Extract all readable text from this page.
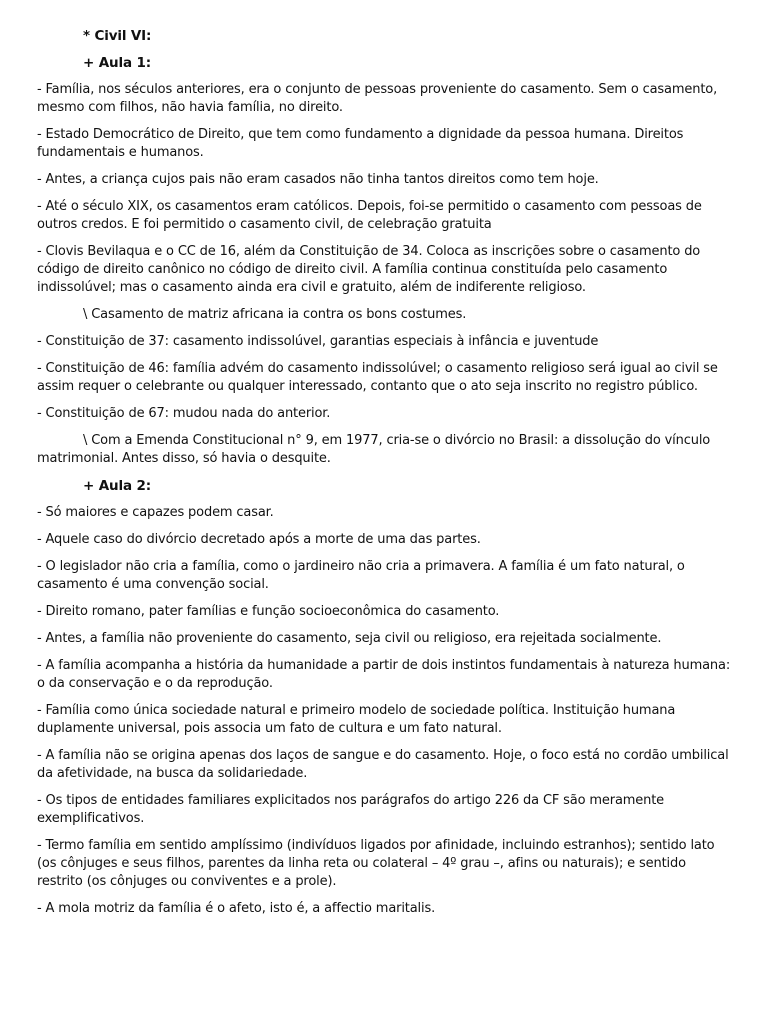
* Civil VI:
+ Aula 1:

- Família, nos séculos anteriores, era o conjunto de pessoas proveniente do casamento. Sem o casamento, mesmo com filhos, não havia família, no direito.

- Estado Democrático de Direito, que tem como fundamento a dignidade da pessoa humana. Direitos fundamentais e humanos.

- Antes, a criança cujos pais não eram casados não tinha tantos direitos como tem hoje.

- Até o século XIX, os casamentos eram católicos. Depois, foi-se permitido o casamento com pessoas de outros credos. E foi permitido o casamento civil, de celebração gratuita

- Clovis Bevilaqua e o CC de 16, além da Constituição de 34. Coloca as inscrições sobre o casamento do código de direito canônico no código de direito civil. A família continua constituída pelo casamento indissolúvel; mas o casamento ainda era civil e gratuito, além de indiferente religioso.

\ Casamento de matriz africana ia contra os bons costumes.

- Constituição de 37: casamento indissolúvel, garantias especiais à infância e juventude

- Constituição de 46: família advém do casamento indissolúvel; o casamento religioso será igual ao civil se assim requer o celebrante ou qualquer interessado, contanto que o ato seja inscrito no registro público.

- Constituição de 67: mudou nada do anterior.

\ Com a Emenda Constitucional n° 9, em 1977, cria-se o divórcio no Brasil: a dissolução do vínculo matrimonial. Antes disso, só havia o desquite.

+ Aula 2:

- Só maiores e capazes podem casar.

- Aquele caso do divórcio decretado após a morte de uma das partes.

- O legislador não cria a família, como o jardineiro não cria a primavera. A família é um fato natural, o casamento é uma convenção social.

- Direito romano, pater famílias e função socioeconômica do casamento.

- Antes, a família não proveniente do casamento, seja civil ou religioso, era rejeitada socialmente.

- A família acompanha a história da humanidade a partir de dois instintos fundamentais à natureza humana: o da conservação e o da reprodução.

- Família como única sociedade natural e primeiro modelo de sociedade política. Instituição humana duplamente universal, pois associa um fato de cultura e um fato natural.

- A família não se origina apenas dos laços de sangue e do casamento. Hoje, o foco está no cordão umbilical da afetividade, na busca da solidariedade.

- Os tipos de entidades familiares explicitados nos parágrafos do artigo 226 da CF são meramente exemplificativos.

- Termo família em sentido amplíssimo (indivíduos ligados por afinidade, incluindo estranhos); sentido lato (os cônjuges e seus filhos, parentes da linha reta ou colateral – 4º grau –, afins ou naturais); e sentido restrito (os cônjuges ou conviventes e a prole).

- A mola motriz da família é o afeto, isto é, a affectio maritalis.
